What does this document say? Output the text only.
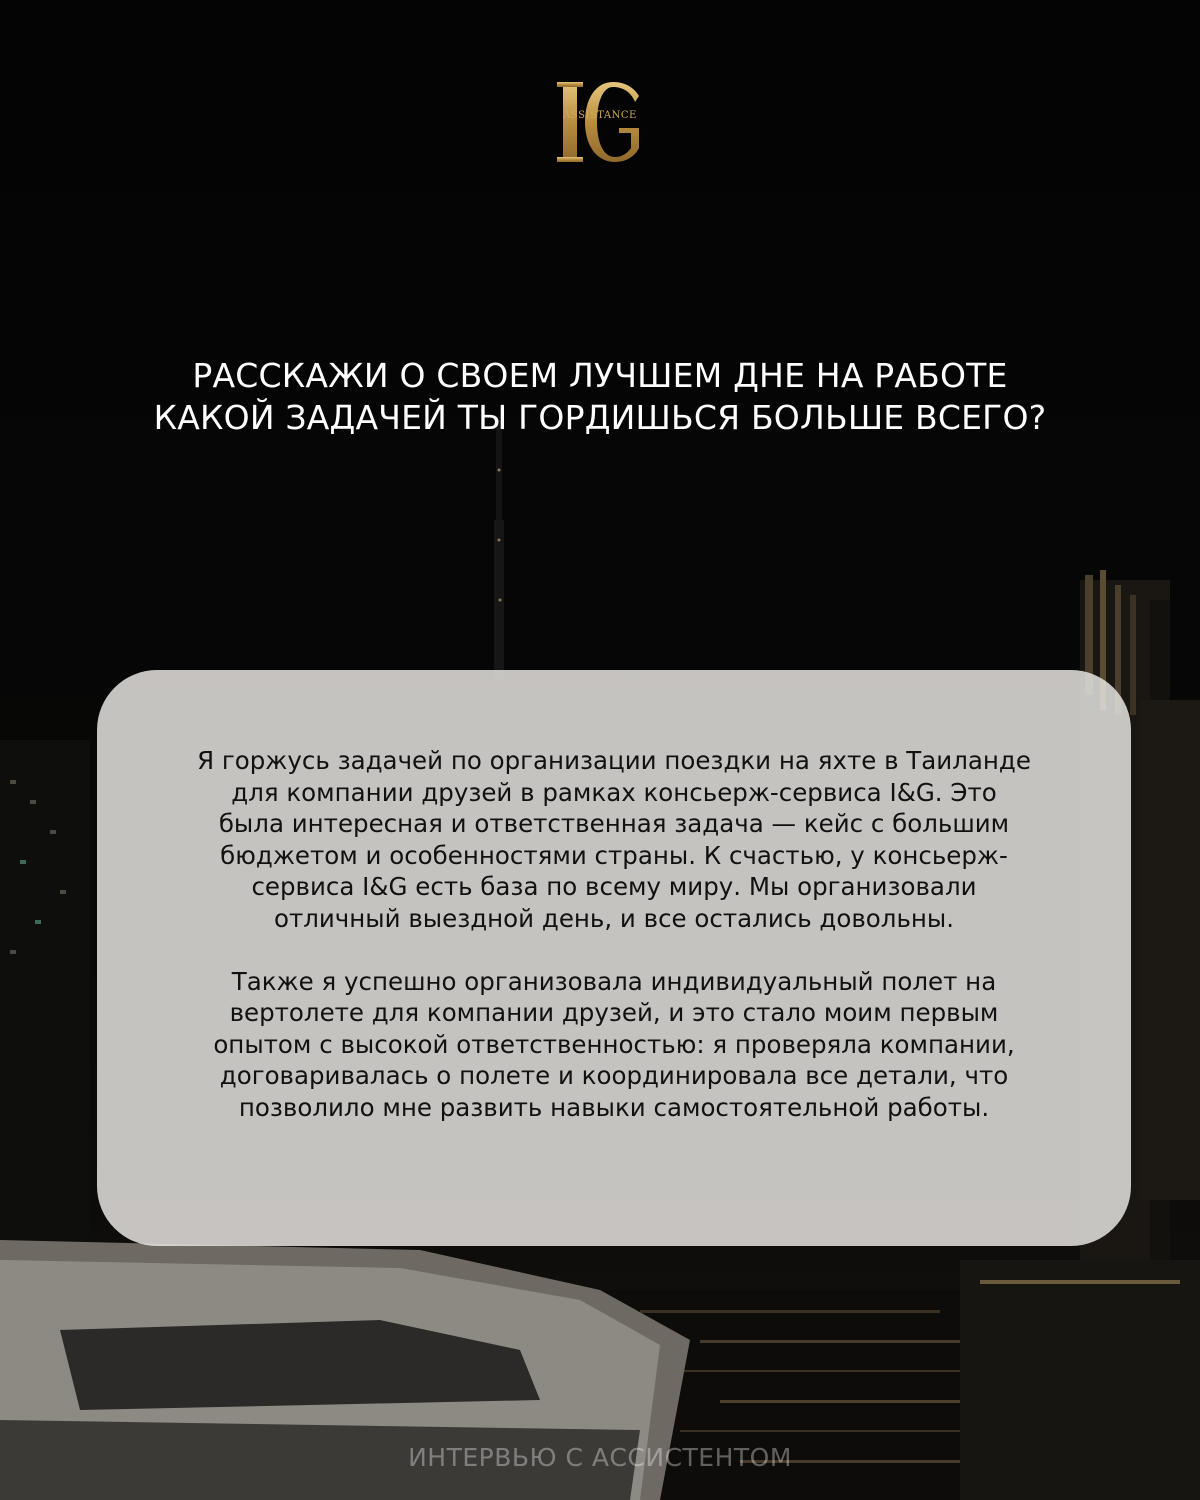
ASSISTANCE
РАССКАЖИ О СВОЕМ ЛУЧШЕМ ДНЕ НА РАБОТЕ
КАКОЙ ЗАДАЧЕЙ ТЫ ГОРДИШЬСЯ БОЛЬШЕ ВСЕГО?
Я горжусь задачей по организации поездки на яхте в Таиланде
для компании друзей в рамках консьерж-сервиса I&G. Это
была интересная и ответственная задача — кейс с большим
бюджетом и особенностями страны. К счастью, у консьерж-
сервиса I&G есть база по всему миру. Мы организовали
отличный выездной день, и все остались довольны.
Также я успешно организовала индивидуальный полет на
вертолете для компании друзей, и это стало моим первым
опытом с высокой ответственностью: я проверяла компании,
договаривалась о полете и координировала все детали, что
позволило мне развить навыки самостоятельной работы.
ИНТЕРВЬЮ С АССИСТЕНТОМ
